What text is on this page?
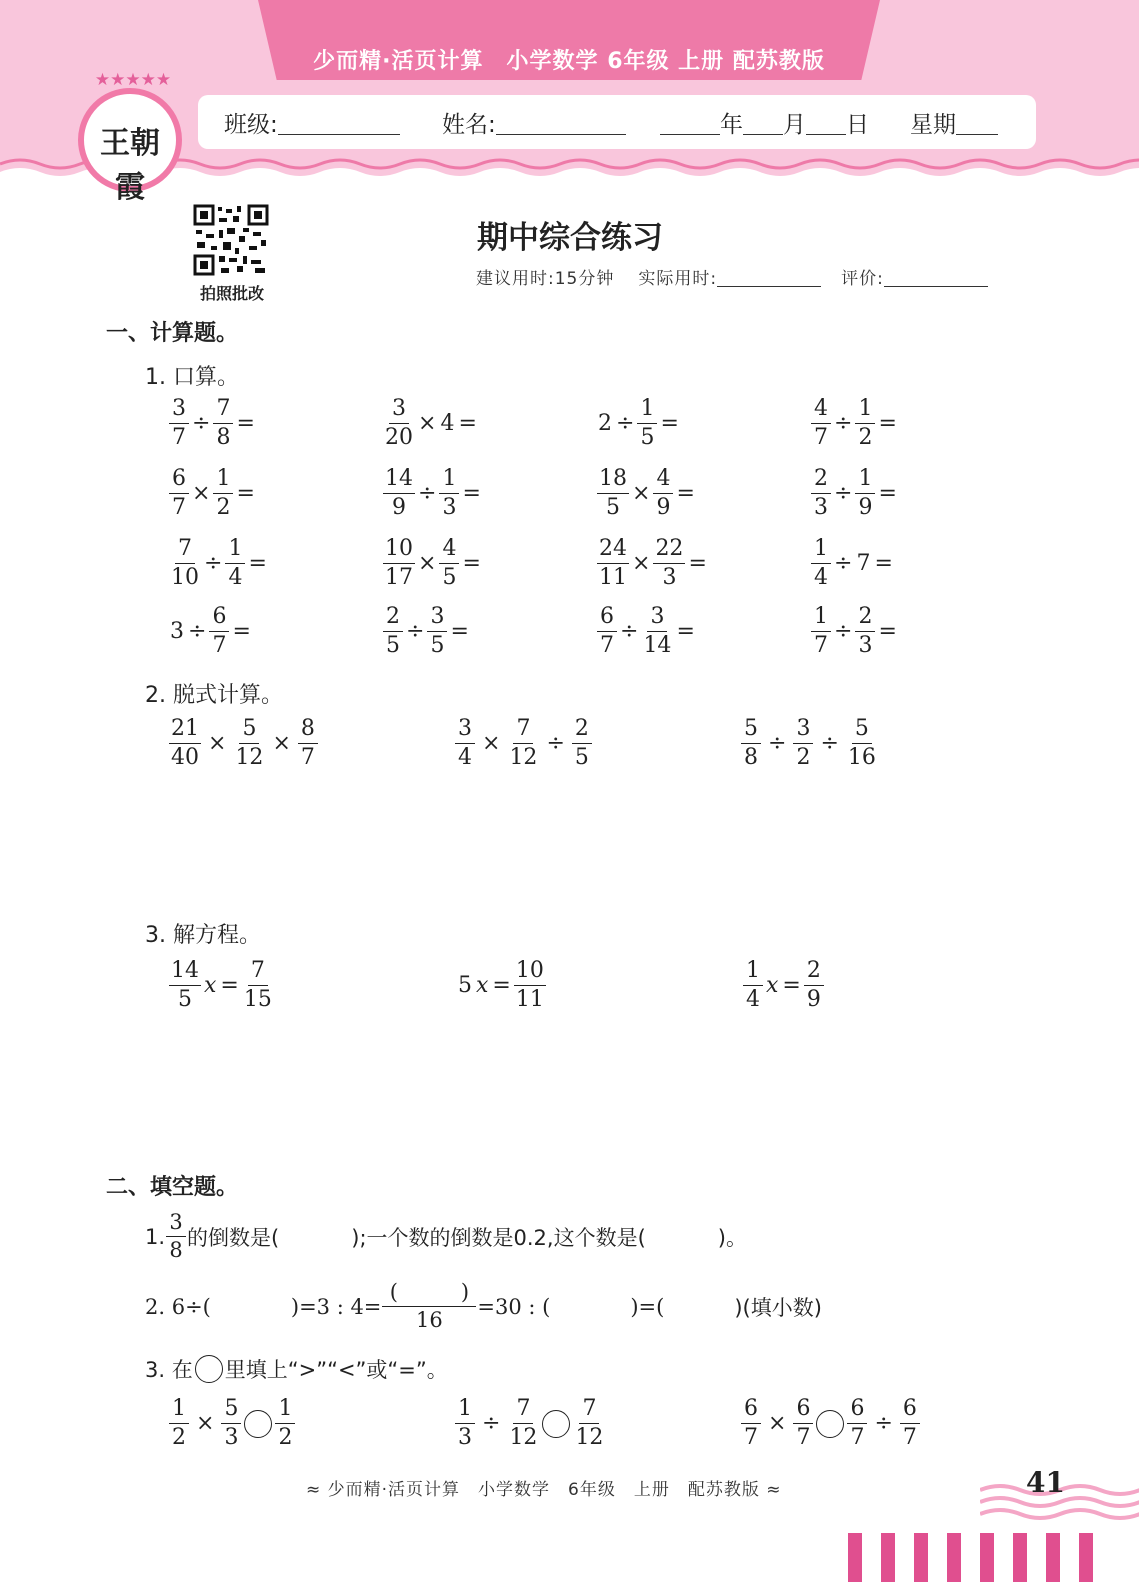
少而精·活页计算　小学数学 6年级 上册 配苏教版
班级:	姓名:	年 月 日 星期
王朝霞
★★★★★
拍照批改
期中综合练习
建议用时:15分钟 实际用时:	评价:
一、计算题。
1. 口算。
$\frac{3}{7} \div \frac{7}{8}$ =	$\frac{3}{20} \times 4$ =	$2 \div \frac{1}{5}$ =	$\frac{4}{7} \div \frac{1}{2}$ =
$\frac{6}{7} \times \frac{1}{2}$ =	$\frac{14}{9} \div \frac{1}{3}$ =	$\frac{18}{5} \times \frac{4}{9}$ =	$\frac{2}{3} \div \frac{1}{9}$ =
$\frac{7}{10} \div \frac{1}{4}$ =	$\frac{10}{17} \times \frac{4}{5}$ =	$\frac{24}{11} \times \frac{22}{3}$ =	$\frac{1}{4} \div 7$ =
$3 \div \frac{6}{7}$ =	$\frac{2}{5} \div \frac{3}{5}$ =	$\frac{6}{7} \div \frac{3}{14}$ =	$\frac{1}{7} \div \frac{2}{3}$ =
2. 脱式计算。
$\frac{21}{40} \times \frac{5}{12} \times \frac{8}{7}$	$\frac{3}{4} \times \frac{7}{12} \div \frac{2}{5}$	$\frac{5}{8} \div \frac{3}{2} \div \frac{5}{16}$
3. 解方程。
$\frac{14}{5}$ $x = \frac{7}{15}$	5 $x = \frac{10}{11}$	$\frac{1}{4}$ $x = \frac{2}{9}$
二、填空题。
1.
3
8
的倒数是(	);一个数的倒数是0.2,这个数是(	)。
2. 6÷(	)=3 : 4=
(　　　)
16
=30 : (	)=(	)(填小数)
3. 在 里填上“>”“<”或“=”。
$\frac{1}{2} \times \frac{5}{3} \frac{1}{2}$	$\frac{1}{3} \div \frac{7}{12} \frac{7}{12}$	$\frac{6}{7} \times \frac{6}{7} \frac{6}{7} \div \frac{6}{7}$
≈ 少而精·活页计算　小学数学　6年级　上册　配苏教版 ≈	41
